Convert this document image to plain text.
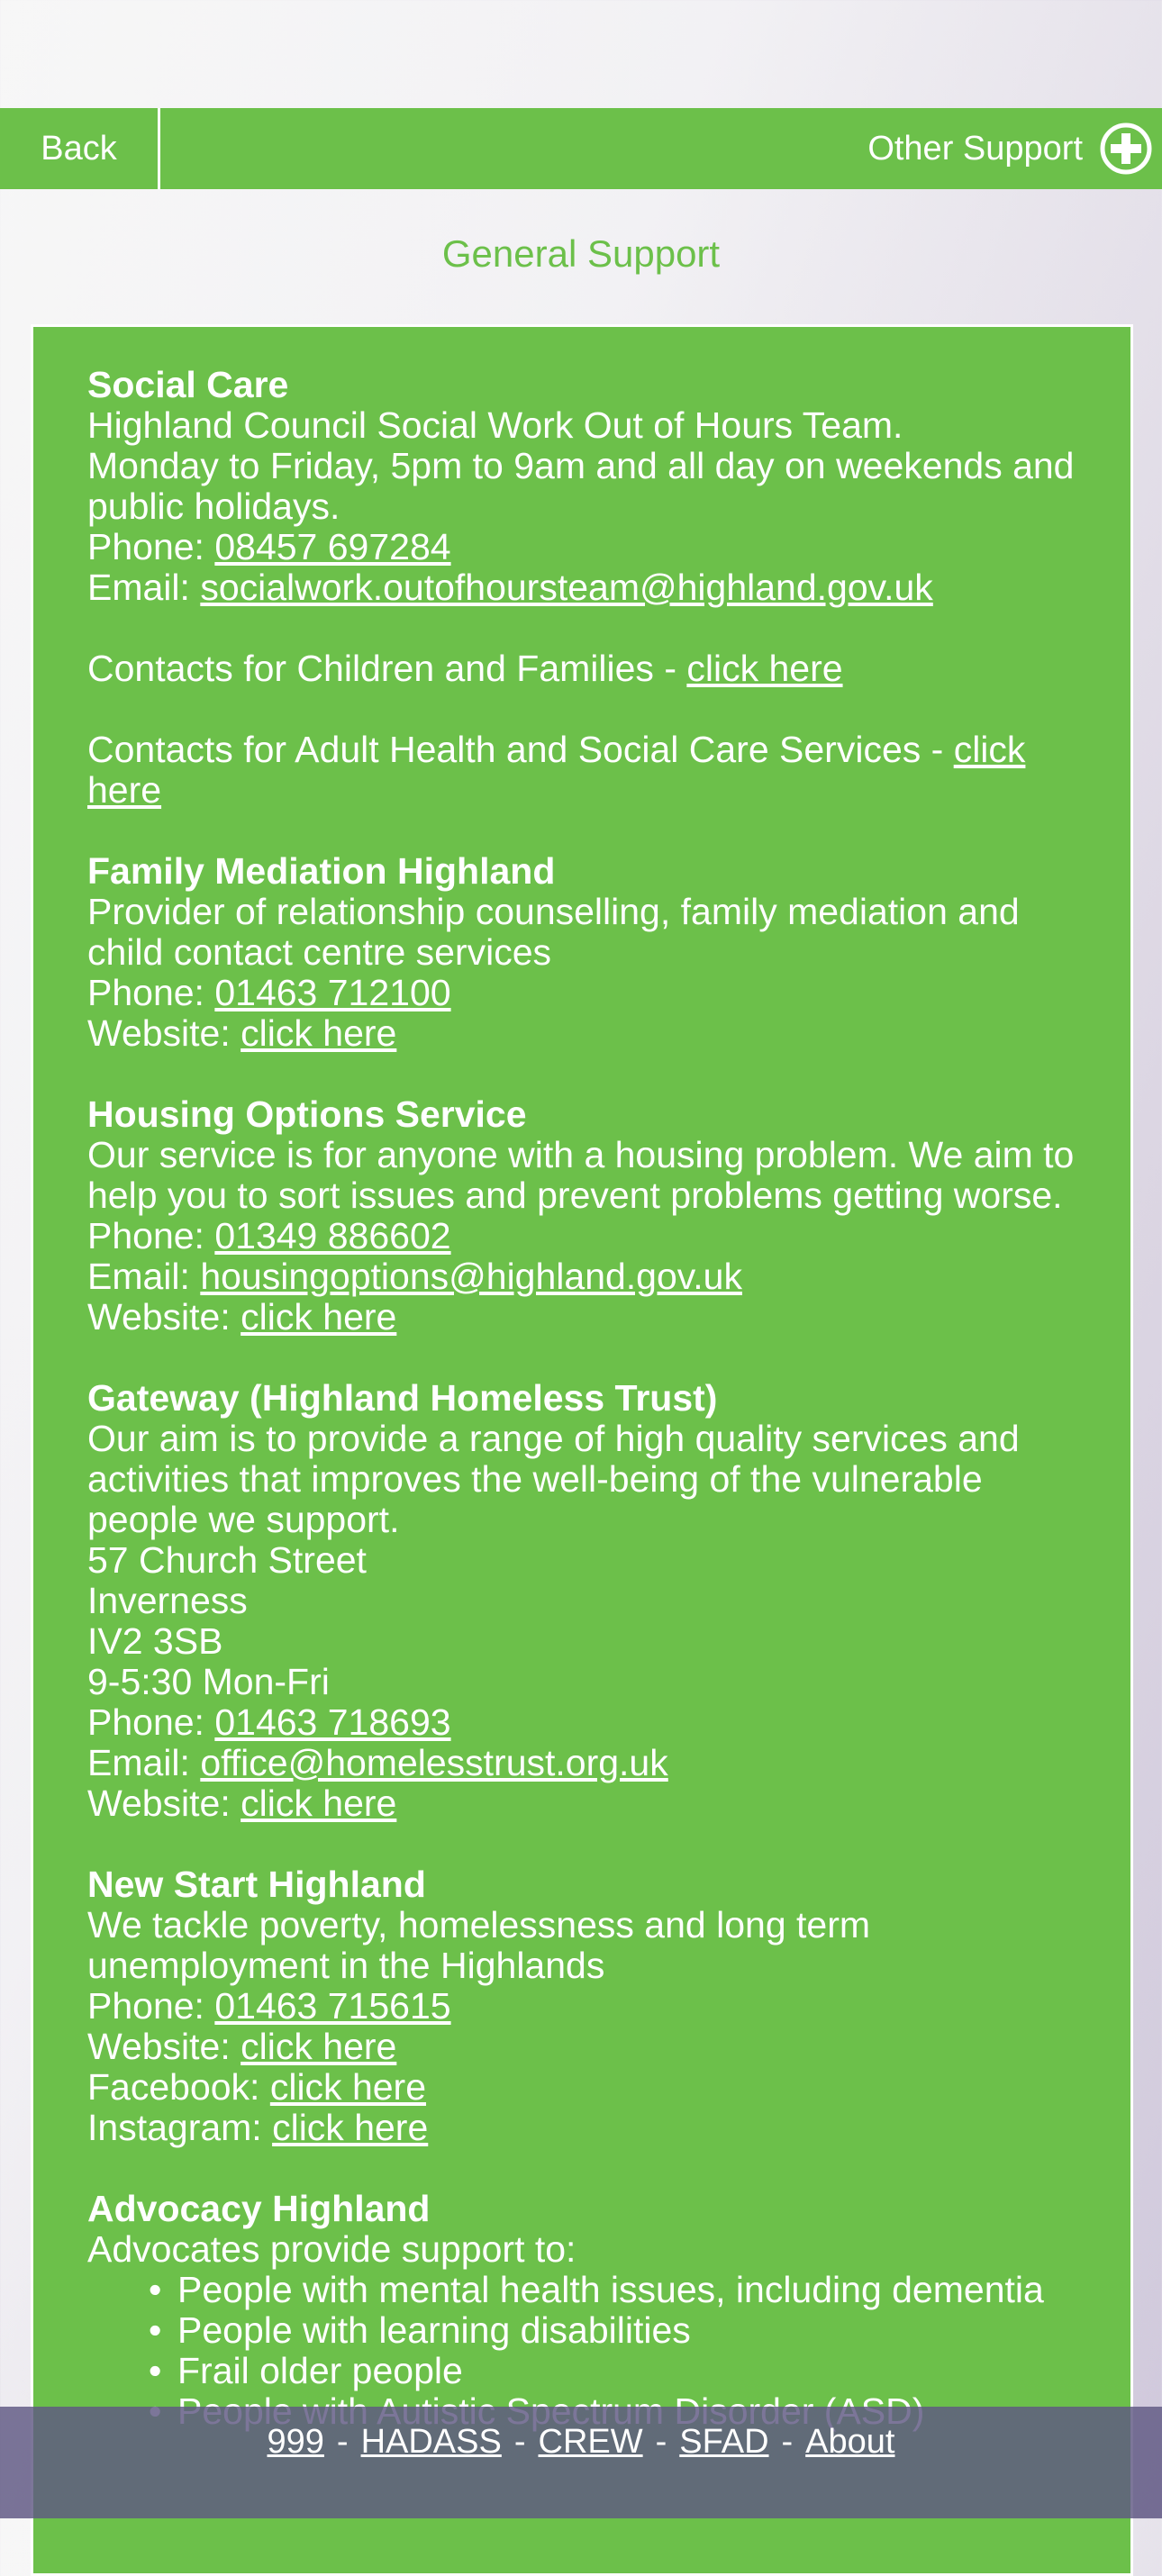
Back	Other Support
General Support
Social Care
Highland Council Social Work Out of Hours Team.
Monday to Friday, 5pm to 9am and all day on weekends and public holidays.
Phone: 08457 697284
Email: socialwork.outofhoursteam@highland.gov.uk
Contacts for Children and Families - click here
Contacts for Adult Health and Social Care Services - click here
Family Mediation Highland
Provider of relationship counselling, family mediation and child contact centre services
Phone: 01463 712100
Website: click here
Housing Options Service
Our service is for anyone with a housing problem. We aim to help you to sort issues and prevent problems getting worse.
Phone: 01349 886602
Email: housingoptions@highland.gov.uk
Website: click here
Gateway (Highland Homeless Trust)
Our aim is to provide a range of high quality services and activities that improves the well-being of the vulnerable people we support.
57 Church Street
Inverness
IV2 3SB
9-5:30 Mon-Fri
Phone: 01463 718693
Email: office@homelesstrust.org.uk
Website: click here
New Start Highland
We tackle poverty, homelessness and long term unemployment in the Highlands
Phone: 01463 715615
Website: click here
Facebook: click here
Instagram: click here
Advocacy Highland
Advocates provide support to:
• People with mental health issues, including dementia
• People with learning disabilities
• Frail older people
•
999 - HADASS - CREW - SFAD - About
